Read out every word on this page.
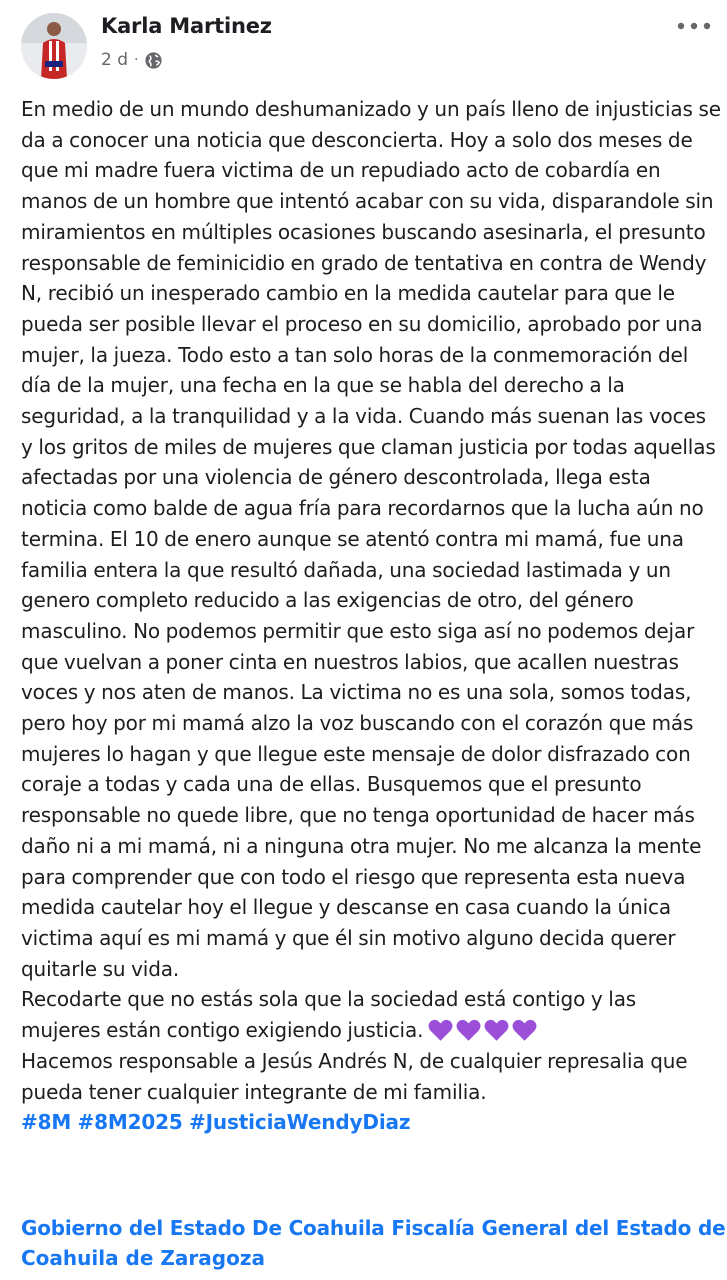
Karla Martinez
2 d ·

En medio de un mundo deshumanizado y un país lleno de injusticias se da a conocer una noticia que desconcierta. Hoy a solo dos meses de que mi madre fuera victima de un repudiado acto de cobardía en manos de un hombre que intentó acabar con su vida, disparandole sin miramientos en múltiples ocasiones buscando asesinarla, el presunto responsable de feminicidio en grado de tentativa en contra de Wendy N, recibió un inesperado cambio en la medida cautelar para que le pueda ser posible llevar el proceso en su domicilio, aprobado por una mujer, la jueza. Todo esto a tan solo horas de la conmemoración del día de la mujer, una fecha en la que se habla del derecho a la seguridad, a la tranquilidad y a la vida. Cuando más suenan las voces y los gritos de miles de mujeres que claman justicia por todas aquellas afectadas por una violencia de género descontrolada, llega esta noticia como balde de agua fría para recordarnos que la lucha aún no termina. El 10 de enero aunque se atentó contra mi mamá, fue una familia entera la que resultó dañada, una sociedad lastimada y un genero completo reducido a las exigencias de otro, del género masculino. No podemos permitir que esto siga así no podemos dejar que vuelvan a poner cinta en nuestros labios, que acallen nuestras voces y nos aten de manos. La victima no es una sola, somos todas, pero hoy por mi mamá alzo la voz buscando con el corazón que más mujeres lo hagan y que llegue este mensaje de dolor disfrazado con coraje a todas y cada una de ellas. Busquemos que el presunto responsable no quede libre, que no tenga oportunidad de hacer más daño ni a mi mamá, ni a ninguna otra mujer. No me alcanza la mente para comprender que con todo el riesgo que representa esta nueva medida cautelar hoy el llegue y descanse en casa cuando la única victima aquí es mi mamá y que él sin motivo alguno decida querer quitarle su vida.

Recodarte que no estás sola que la sociedad está contigo y las mujeres están contigo exigiendo justicia.

Hacemos responsable a Jesús Andrés N, de cualquier represalia que pueda tener cualquier integrante de mi familia.

#8M #8M2025 #JusticiaWendyDiaz

Gobierno del Estado De Coahuila Fiscalía General del Estado de
Coahuila de Zaragoza
